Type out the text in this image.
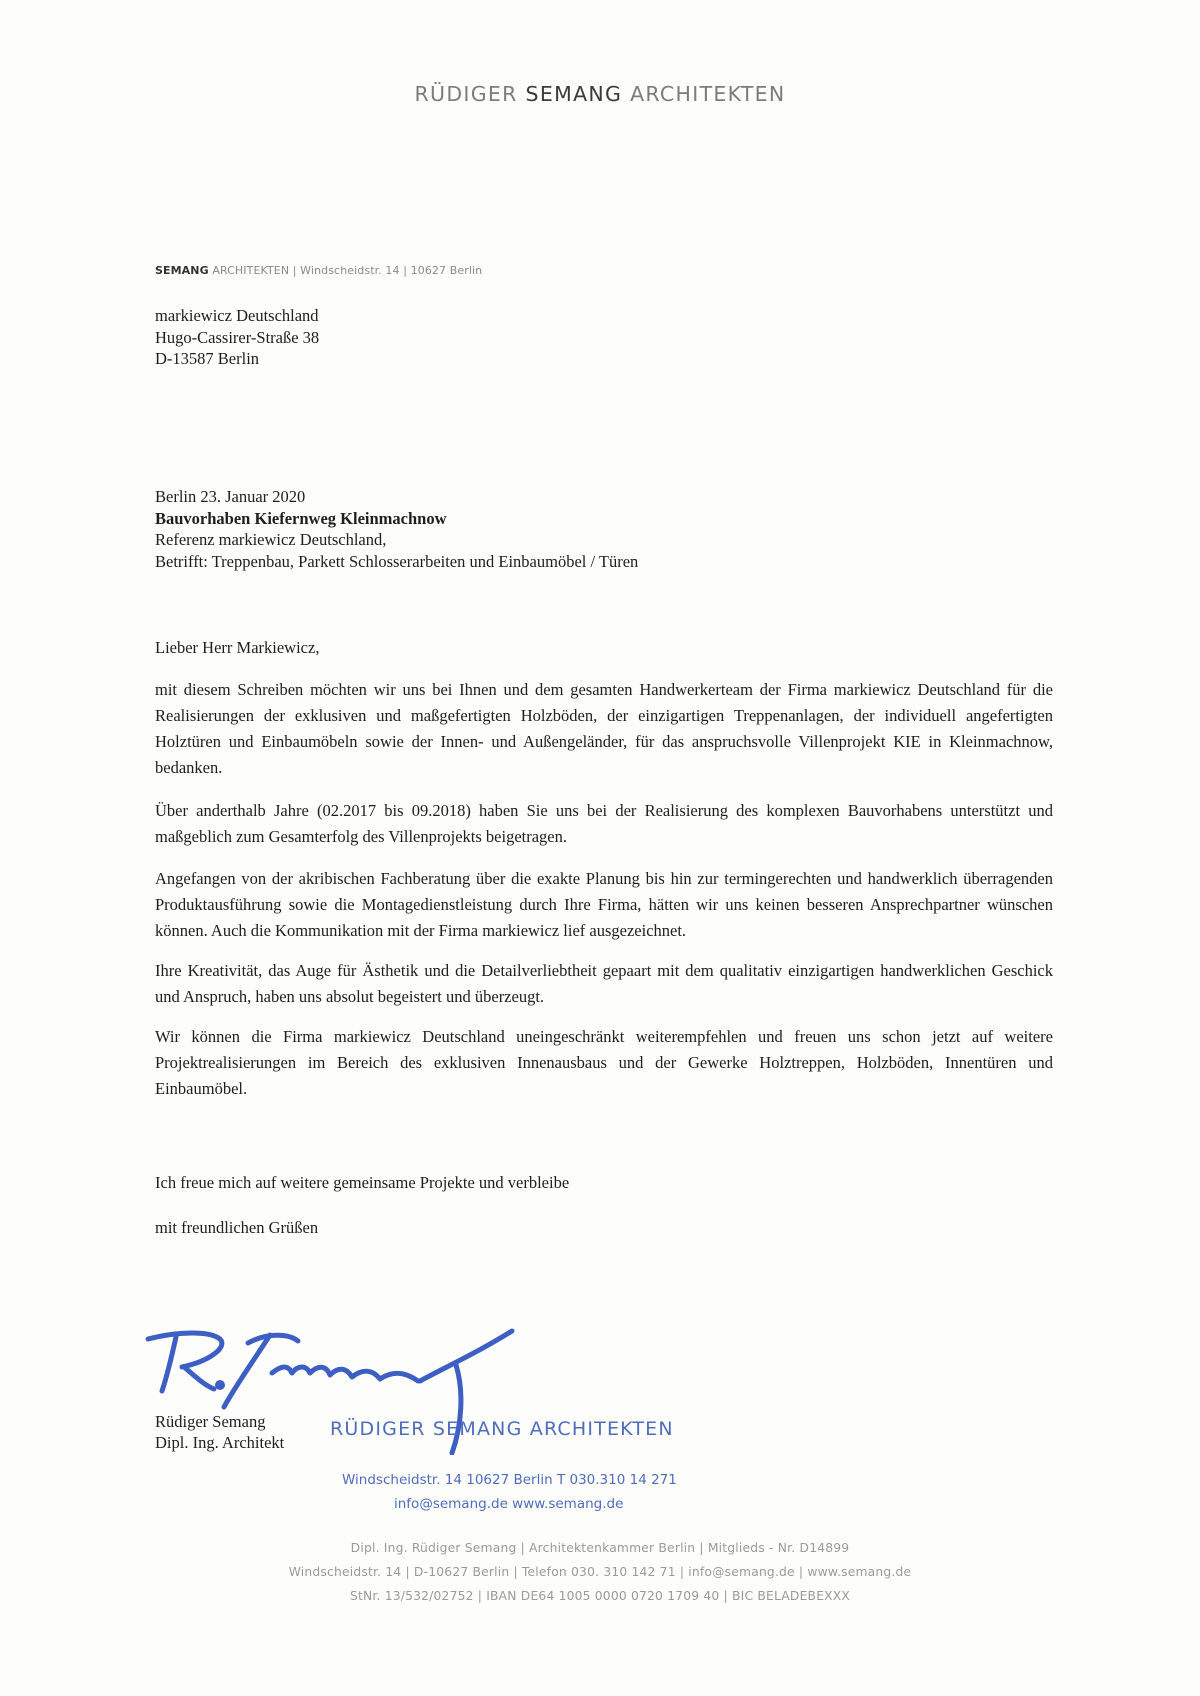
RÜDIGER SEMANG ARCHITEKTEN
SEMANG ARCHITEKTEN | Windscheidstr. 14 | 10627 Berlin
markiewicz Deutschland
Hugo-Cassirer-Straße 38
D-13587 Berlin
Berlin 23. Januar 2020
Bauvorhaben Kiefernweg Kleinmachnow
Referenz markiewicz Deutschland,
Betrifft: Treppenbau, Parkett Schlosserarbeiten und Einbaumöbel / Türen

Lieber Herr Markiewicz,

mit diesem Schreiben möchten wir uns bei Ihnen und dem gesamten Handwerkerteam der Firma markiewicz Deutschland für die Realisierungen der exklusiven und maßgefertigten Holzböden, der einzigartigen Treppenanlagen, der individuell angefertigten Holztüren und Einbaumöbeln sowie der Innen- und Außengeländer, für das anspruchsvolle Villenprojekt KIE in Kleinmachnow, bedanken.

Über anderthalb Jahre (02.2017 bis 09.2018) haben Sie uns bei der Realisierung des komplexen Bauvorhabens unterstützt und maßgeblich zum Gesamterfolg des Villenprojekts beigetragen.

Angefangen von der akribischen Fachberatung über die exakte Planung bis hin zur termingerechten und handwerklich überragenden Produktausführung sowie die Montagedienstleistung durch Ihre Firma, hätten wir uns keinen besseren Ansprechpartner wünschen können. Auch die Kommunikation mit der Firma markiewicz lief ausgezeichnet.

Ihre Kreativität, das Auge für Ästhetik und die Detailverliebtheit gepaart mit dem qualitativ einzigartigen handwerklichen Geschick und Anspruch, haben uns absolut begeistert und überzeugt.

Wir können die Firma markiewicz Deutschland uneingeschränkt weiterempfehlen und freuen uns schon jetzt auf weitere Projektrealisierungen im Bereich des exklusiven Innenausbaus und der Gewerke Holztreppen, Holzböden, Innentüren und Einbaumöbel.

Ich freue mich auf weitere gemeinsame Projekte und verbleibe

mit freundlichen Grüßen

Rüdiger Semang
Dipl. Ing. Architekt
RÜDIGER SEMANG ARCHITEKTEN
Windscheidstr. 14 10627 Berlin T 030.310 14 271
info@semang.de www.semang.de
Dipl. Ing. Rüdiger Semang | Architektenkammer Berlin | Mitglieds - Nr. D14899
Windscheidstr. 14 | D-10627 Berlin | Telefon 030. 310 142 71 | info@semang.de | www.semang.de
StNr. 13/532/02752 | IBAN DE64 1005 0000 0720 1709 40 | BIC BELADEBEXXX
